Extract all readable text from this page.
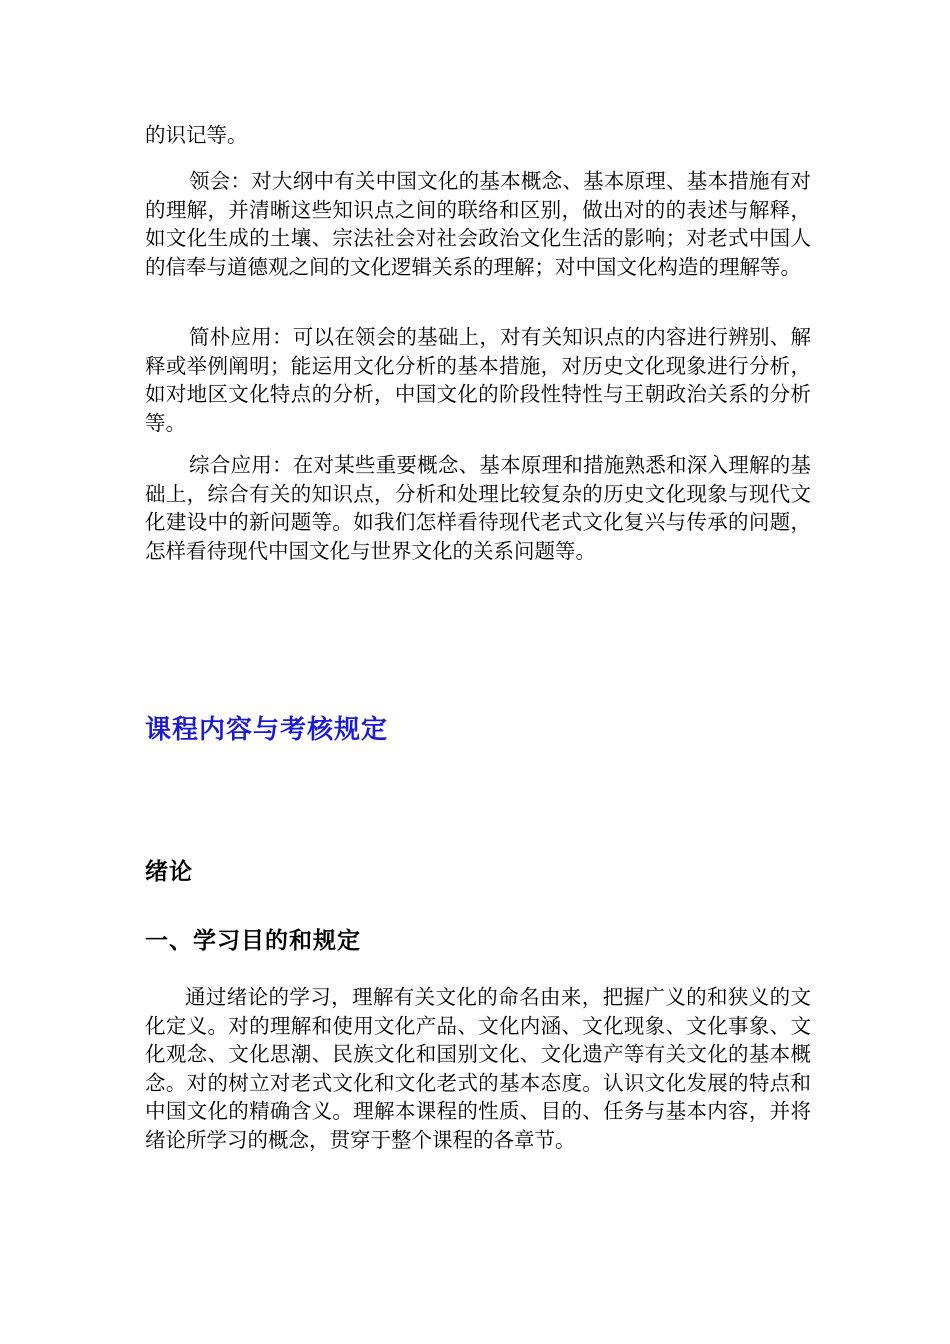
的识记等。

领会：对大纲中有关中国文化的基本概念、基本原理、基本措施有对的理解，并清晰这些知识点之间的联络和区别，做出对的的表述与解释，如文化生成的土壤、宗法社会对社会政治文化生活的影响；对老式中国人的信奉与道德观之间的文化逻辑关系的理解；对中国文化构造的理解等。

简朴应用：可以在领会的基础上，对有关知识点的内容进行辨别、解释或举例阐明；能运用文化分析的基本措施，对历史文化现象进行分析，如对地区文化特点的分析，中国文化的阶段性特性与王朝政治关系的分析等。

综合应用：在对某些重要概念、基本原理和措施熟悉和深入理解的基础上，综合有关的知识点，分析和处理比较复杂的历史文化现象与现代文化建设中的新问题等。如我们怎样看待现代老式文化复兴与传承的问题，怎样看待现代中国文化与世界文化的关系问题等。

课程内容与考核规定
绪论
一、学习目的和规定

通过绪论的学习，理解有关文化的命名由来，把握广义的和狭义的文化定义。对的理解和使用文化产品、文化内涵、文化现象、文化事象、文化观念、文化思潮、民族文化和国别文化、文化遗产等有关文化的基本概念。对的树立对老式文化和文化老式的基本态度。认识文化发展的特点和中国文化的精确含义。理解本课程的性质、目的、任务与基本内容，并将绪论所学习的概念，贯穿于整个课程的各章节。
